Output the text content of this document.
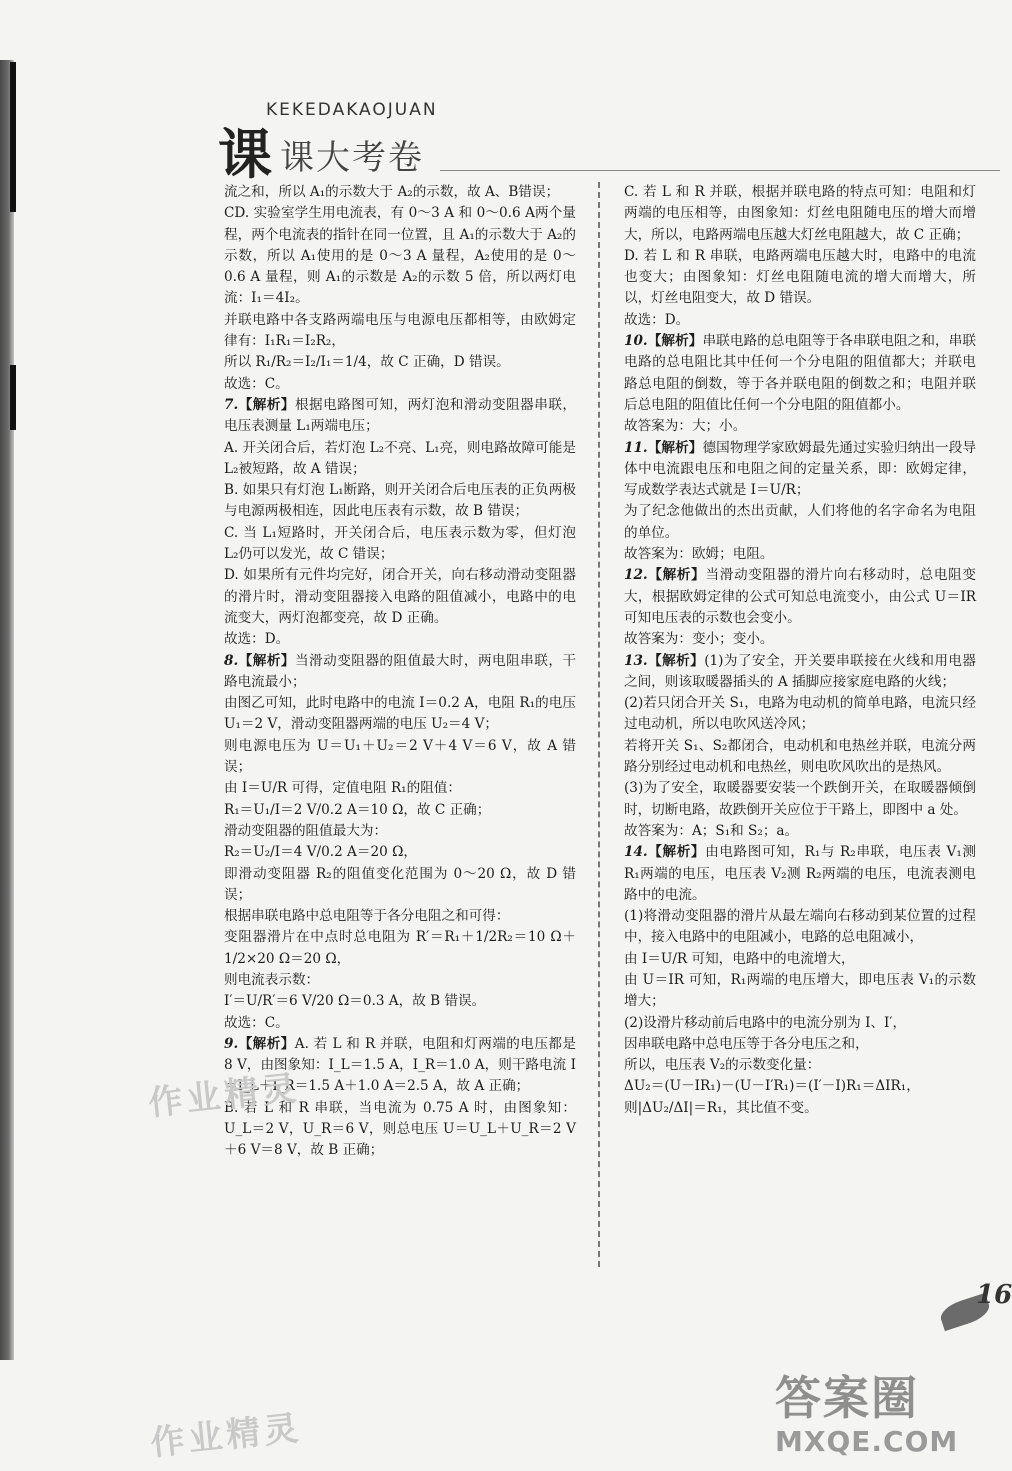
KEKEDAKAOJUAN
课 课大考卷

流之和，所以 A₁的示数大于 A₂的示数，故 A、B错误；

CD. 实验室学生用电流表，有 0～3 A 和 0～0.6 A两个量程，两个电流表的指针在同一位置，且 A₁的示数大于 A₂的示数，所以 A₁使用的是 0～3 A 量程，A₂使用的是 0～0.6 A 量程，则 A₁的示数是 A₂的示数 5 倍，所以两灯电流：I₁＝4I₂。

并联电路中各支路两端电压与电源电压都相等，由欧姆定律有：I₁R₁＝I₂R₂，

所以 R₁/R₂＝I₂/I₁＝1/4，故 C 正确，D 错误。

故选：C。

7.【解析】根据电路图可知，两灯泡和滑动变阻器串联，电压表测量 L₁两端电压；

A. 开关闭合后，若灯泡 L₂不亮、L₁亮，则电路故障可能是 L₂被短路，故 A 错误；

B. 如果只有灯泡 L₁断路，则开关闭合后电压表的正负两极与电源两极相连，因此电压表有示数，故 B 错误；

C. 当 L₁短路时，开关闭合后，电压表示数为零，但灯泡 L₂仍可以发光，故 C 错误；

D. 如果所有元件均完好，闭合开关，向右移动滑动变阻器的滑片时，滑动变阻器接入电路的阻值减小，电路中的电流变大，两灯泡都变亮，故 D 正确。

故选：D。

8.【解析】当滑动变阻器的阻值最大时，两电阻串联，干路电流最小；

由图乙可知，此时电路中的电流 I＝0.2 A，电阻 R₁的电压 U₁＝2 V，滑动变阻器两端的电压 U₂＝4 V；

则电源电压为 U＝U₁＋U₂＝2 V＋4 V＝6 V，故 A 错误；

由 I＝U/R 可得，定值电阻 R₁的阻值：

R₁＝U₁/I＝2 V/0.2 A＝10 Ω，故 C 正确；

滑动变阻器的阻值最大为：

R₂＝U₂/I＝4 V/0.2 A＝20 Ω，

即滑动变阻器 R₂的阻值变化范围为 0～20 Ω，故 D 错误；

根据串联电路中总电阻等于各分电阻之和可得：

变阻器滑片在中点时总电阻为 R′＝R₁＋1/2R₂＝10 Ω＋1/2×20 Ω＝20 Ω，

则电流表示数：

I′＝U/R′＝6 V/20 Ω＝0.3 A，故 B 错误。

故选：C。

9.【解析】A. 若 L 和 R 并联，电阻和灯两端的电压都是 8 V，由图象知：I_L＝1.5 A，I_R＝1.0 A，则干路电流 I＝I_L＋I_R＝1.5 A＋1.0 A＝2.5 A，故 A 正确；

B. 若 L 和 R 串联，当电流为 0.75 A 时，由图象知：U_L＝2 V，U_R＝6 V，则总电压 U＝U_L＋U_R＝2 V＋6 V＝8 V，故 B 正确；

C. 若 L 和 R 并联，根据并联电路的特点可知：电阻和灯两端的电压相等，由图象知：灯丝电阻随电压的增大而增大，所以，电路两端电压越大灯丝电阻越大，故 C 正确；

D. 若 L 和 R 串联，电路两端电压越大时，电路中的电流也变大；由图象知：灯丝电阻随电流的增大而增大，所以，灯丝电阻变大，故 D 错误。

故选：D。

10.【解析】串联电路的总电阻等于各串联电阻之和，串联电路的总电阻比其中任何一个分电阻的阻值都大；并联电路总电阻的倒数，等于各并联电阻的倒数之和；电阻并联后总电阻的阻值比任何一个分电阻的阻值都小。

故答案为：大；小。

11.【解析】德国物理学家欧姆最先通过实验归纳出一段导体中电流跟电压和电阻之间的定量关系，即：欧姆定律，写成数学表达式就是 I＝U/R；

为了纪念他做出的杰出贡献，人们将他的名字命名为电阻的单位。

故答案为：欧姆；电阻。

12.【解析】当滑动变阻器的滑片向右移动时，总电阻变大，根据欧姆定律的公式可知总电流变小，由公式 U＝IR 可知电压表的示数也会变小。

故答案为：变小；变小。

13.【解析】(1)为了安全，开关要串联接在火线和用电器之间，则该取暖器插头的 A 插脚应接家庭电路的火线；

(2)若只闭合开关 S₁，电路为电动机的简单电路，电流只经过电动机，所以电吹风送冷风；

若将开关 S₁、S₂都闭合，电动机和电热丝并联，电流分两路分别经过电动机和电热丝，则电吹风吹出的是热风。

(3)为了安全，取暖器要安装一个跌倒开关，在取暖器倾倒时，切断电路，故跌倒开关应位于干路上，即图中 a 处。

故答案为：A；S₁和 S₂；a。

14.【解析】由电路图可知，R₁与 R₂串联，电压表 V₁测 R₁两端的电压，电压表 V₂测 R₂两端的电压，电流表测电路中的电流。

(1)将滑动变阻器的滑片从最左端向右移动到某位置的过程中，接入电路中的电阻减小，电路的总电阻减小，

由 I＝U/R 可知，电路中的电流增大，

由 U＝IR 可知，R₁两端的电压增大，即电压表 V₁的示数增大；

(2)设滑片移动前后电路中的电流分别为 I、I′，

因串联电路中总电压等于各分电压之和，

所以，电压表 V₂的示数变化量：

ΔU₂＝(U－IR₁)－(U－I′R₁)＝(I′－I)R₁＝ΔIR₁，

则|ΔU₂/ΔI|＝R₁，其比值不变。

作业精灵
作业精灵
16
答案圈
MXQE.COM
